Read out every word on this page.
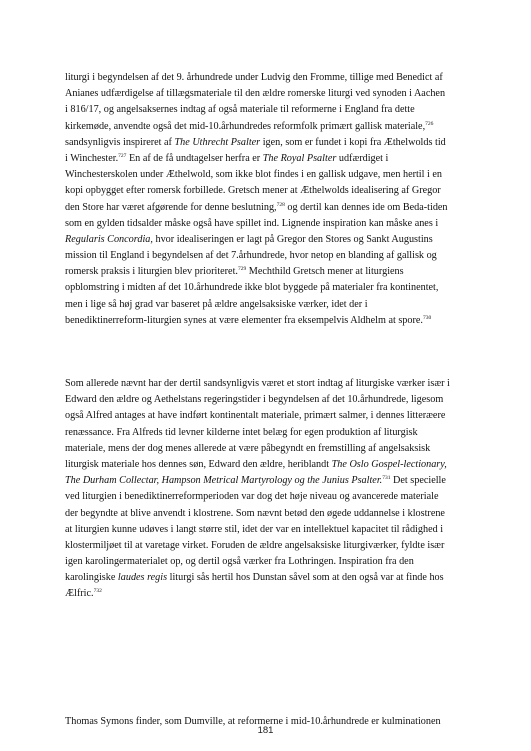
liturgi i begyndelsen af det 9. århundrede under Ludvig den Fromme, tillige med Benedict af
Anianes udfærdigelse af tillægsmateriale til den ældre romerske liturgi ved synoden i Aachen
i 816/17, og angelsaksernes indtag af også materiale til reformerne i England fra dette
kirkemøde, anvendte også det mid-10.århundredes reformfolk primært gallisk materiale,$^{726}$
sandsynligvis inspireret af The Uthrecht Psalter igen, som er fundet i kopi fra Æthelwolds tid
i Winchester.$^{727}$ En af de få undtagelser herfra er The Royal Psalter udfærdiget i
Winchesterskolen under Æthelwold, som ikke blot findes i en gallisk udgave, men hertil i en
kopi opbygget efter romersk forbillede. Gretsch mener at Æthelwolds idealisering af Gregor
den Store har været afgørende for denne beslutning,$^{728}$ og dertil kan dennes ide om Beda-tiden
som en gylden tidsalder måske også have spillet ind. Lignende inspiration kan måske anes i
Regularis Concordia, hvor idealiseringen er lagt på Gregor den Stores og Sankt Augustins
mission til England i begyndelsen af det 7.århundrede, hvor netop en blanding af gallisk og
romersk praksis i liturgien blev prioriteret.$^{729}$ Mechthild Gretsch mener at liturgiens
opblomstring i midten af det 10.århundrede ikke blot byggede på materialer fra kontinentet,
men i lige så høj grad var baseret på ældre angelsaksiske værker, idet der i
benediktinerreform-liturgien synes at være elementer fra eksempelvis Aldhelm at spore.$^{730}$

Som allerede nævnt har der dertil sandsynligvis været et stort indtag af liturgiske værker især i
Edward den ældre og Aethelstans regeringstider i begyndelsen af det 10.århundrede, ligesom
også Alfred antages at have indført kontinentalt materiale, primært salmer, i dennes litteræere
renæssance. Fra Alfreds tid levner kilderne intet belæg for egen produktion af liturgisk
materiale, mens der dog menes allerede at være påbegyndt en fremstilling af angelsaksisk
liturgisk materiale hos dennes søn, Edward den ældre, heriblandt The Oslo Gospel-lectionary,
The Durham Collectar, Hampson Metrical Martyrology og the Junius Psalter.$^{731}$ Det specielle
ved liturgien i benediktinerreformperioden var dog det høje niveau og avancerede materiale
der begyndte at blive anvendt i klostrene. Som nævnt betød den øgede uddannelse i klostrene
at liturgien kunne udøves i langt større stil, idet der var en intellektuel kapacitet til rådighed i
klostermiljøet til at varetage virket. Foruden de ældre angelsaksiske liturgiværker, fyldte især
igen karolingermaterialet op, og dertil også værker fra Lothringen. Inspiration fra den
karolingiske laudes regis liturgi sås hertil hos Dunstan såvel som at den også var at finde hos
Ælfric.$^{732}$

Thomas Symons finder, som Dumville, at reformerne i mid-10.århundrede er kulminationen

181
